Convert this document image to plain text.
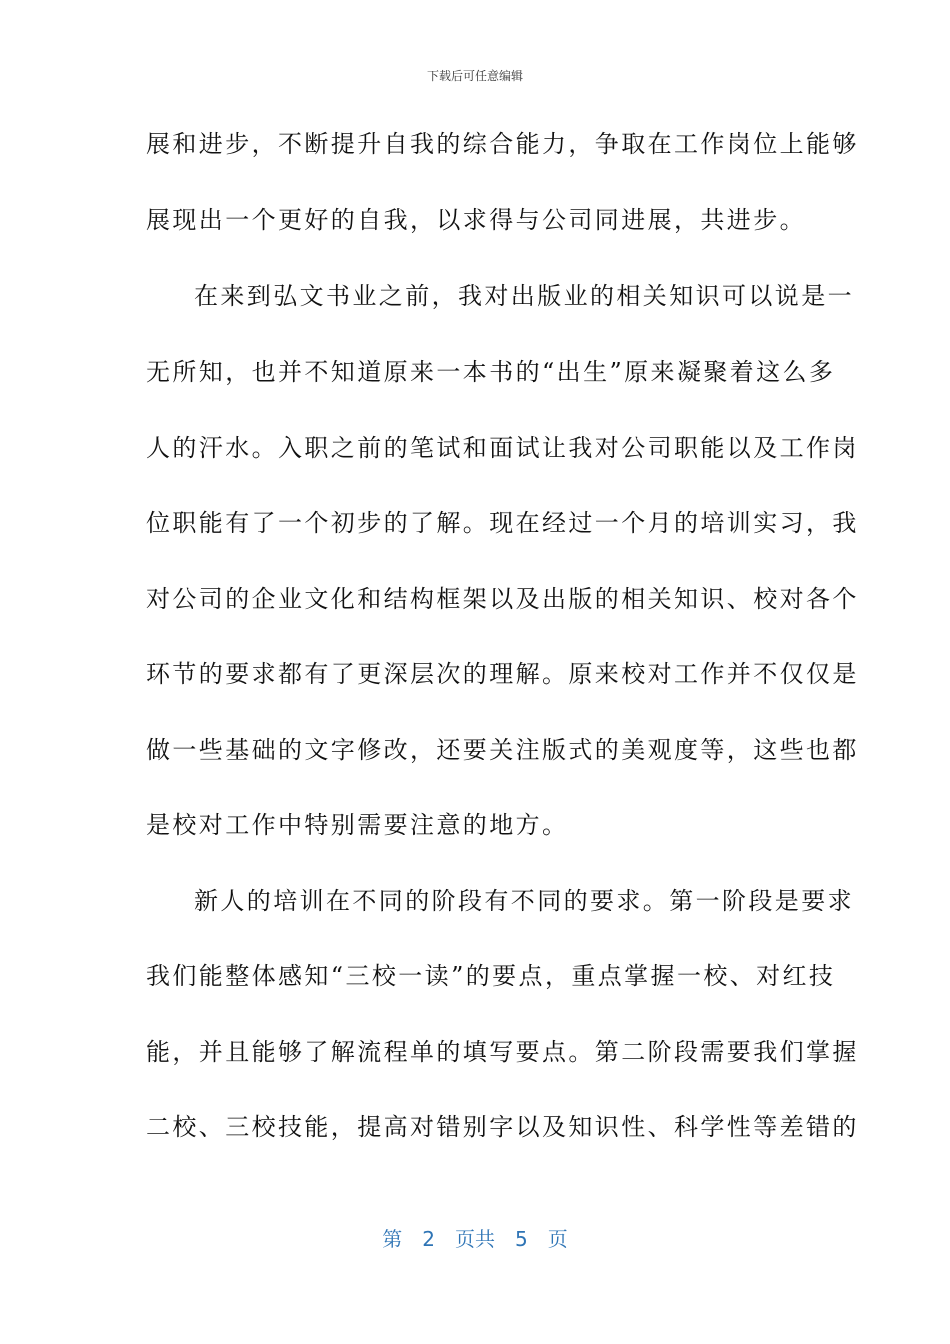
下载后可任意编辑
展和进步，不断提升自我的综合能力，争取在工作岗位上能够
展现出一个更好的自我，以求得与公司同进展，共进步。
在来到弘文书业之前，我对出版业的相关知识可以说是一
无所知，也并不知道原来一本书的“出生”原来凝聚着这么多
人的汗水。入职之前的笔试和面试让我对公司职能以及工作岗
位职能有了一个初步的了解。现在经过一个月的培训实习，我
对公司的企业文化和结构框架以及出版的相关知识、校对各个
环节的要求都有了更深层次的理解。原来校对工作并不仅仅是
做一些基础的文字修改，还要关注版式的美观度等，这些也都
是校对工作中特别需要注意的地方。
新人的培训在不同的阶段有不同的要求。第一阶段是要求
我们能整体感知“三校一读”的要点，重点掌握一校、对红技
能，并且能够了解流程单的填写要点。第二阶段需要我们掌握
二校、三校技能，提高对错别字以及知识性、科学性等差错的
第 2 页共 5 页
